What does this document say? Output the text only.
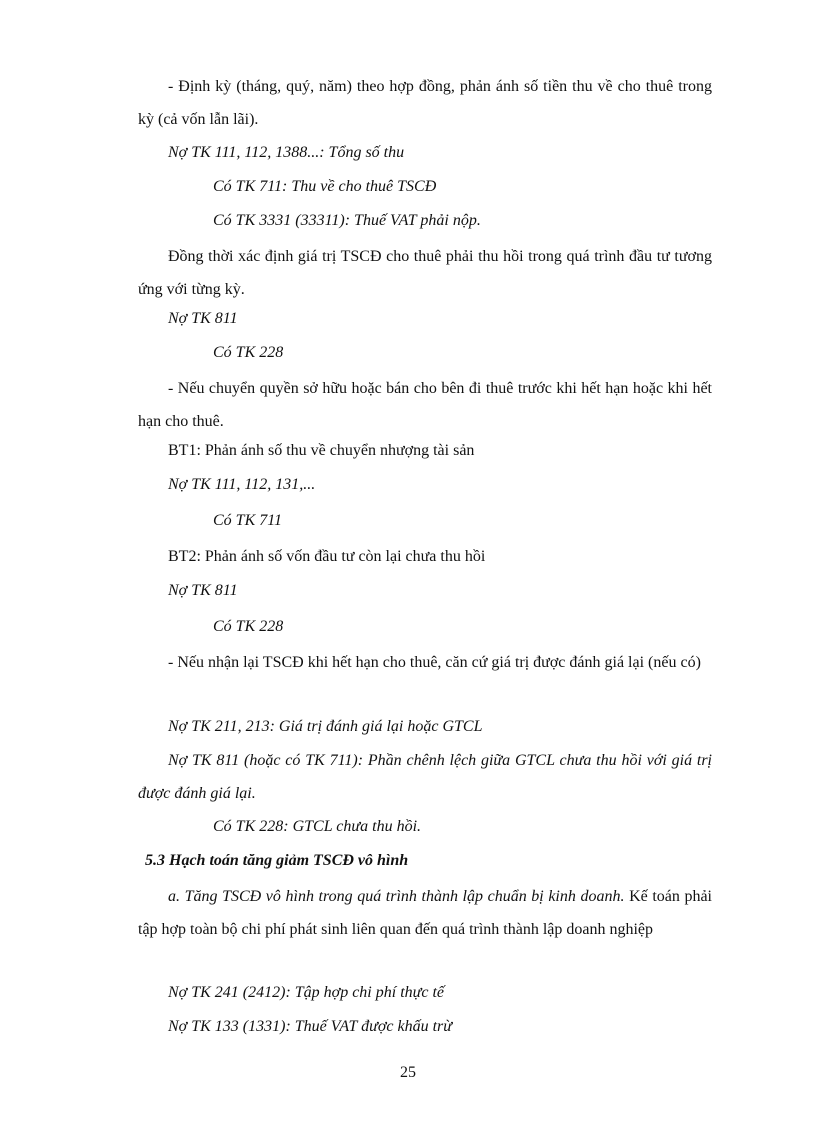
- Định kỳ (tháng, quý, năm) theo hợp đồng, phản ánh số tiền thu về cho thuê trong kỳ (cả vốn lẫn lãi).

Nợ TK 111, 112, 1388...: Tổng số thu

Có TK 711: Thu về cho thuê TSCĐ

Có TK 3331 (33311): Thuế VAT phải nộp.

Đồng thời xác định giá trị TSCĐ cho thuê phải thu hồi trong quá trình đầu tư tương ứng với từng kỳ.

Nợ TK 811

Có TK 228

- Nếu chuyển quyền sở hữu hoặc bán cho bên đi thuê trước khi hết hạn hoặc khi hết hạn cho thuê.

BT1: Phản ánh số thu về chuyển nhượng tài sản

Nợ TK 111, 112, 131,...

Có TK 711

BT2: Phản ánh số vốn đầu tư còn lại chưa thu hồi

Nợ TK 811

Có TK 228

- Nếu nhận lại TSCĐ khi hết hạn cho thuê, căn cứ giá trị được đánh giá lại (nếu có)

Nợ TK 211, 213: Giá trị đánh giá lại hoặc GTCL

Nợ TK 811 (hoặc có TK 711): Phần chênh lệch giữa GTCL chưa thu hồi với giá trị được đánh giá lại.

Có TK 228: GTCL chưa thu hồi.

5.3 Hạch toán tăng giảm TSCĐ vô hình

a. Tăng TSCĐ vô hình trong quá trình thành lập chuẩn bị kinh doanh. Kế toán phải tập hợp toàn bộ chi phí phát sinh liên quan đến quá trình thành lập doanh nghiệp

Nợ TK 241 (2412): Tập hợp chi phí thực tế

Nợ TK 133 (1331): Thuế VAT được khấu trừ

25
